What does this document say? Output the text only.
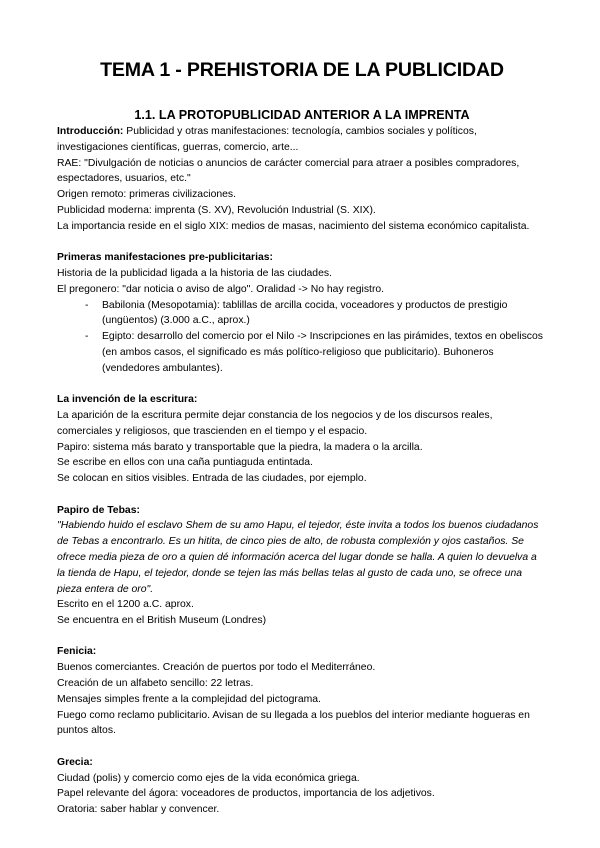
TEMA 1 - PREHISTORIA DE LA PUBLICIDAD
1.1. LA PROTOPUBLICIDAD ANTERIOR A LA IMPRENTA

Introducción: Publicidad y otras manifestaciones: tecnología, cambios sociales y políticos, investigaciones científicas, guerras, comercio, arte...

RAE: "Divulgación de noticias o anuncios de carácter comercial para atraer a posibles compradores, espectadores, usuarios, etc."

Origen remoto: primeras civilizaciones.

Publicidad moderna: imprenta (S. XV), Revolución Industrial (S. XIX).

La importancia reside en el siglo XIX: medios de masas, nacimiento del sistema económico capitalista.

Primeras manifestaciones pre-publicitarias:

Historia de la publicidad ligada a la historia de las ciudades.

El pregonero: "dar noticia o aviso de algo". Oralidad -> No hay registro.

- Babilonia (Mesopotamia): tablillas de arcilla cocida, voceadores y productos de prestigio (ungüentos) (3.000 a.C., aprox.)
- Egipto: desarrollo del comercio por el Nilo -> Inscripciones en las pirámides, textos en obeliscos (en ambos casos, el significado es más político-religioso que publicitario). Buhoneros (vendedores ambulantes).

La invención de la escritura:

La aparición de la escritura permite dejar constancia de los negocios y de los discursos reales, comerciales y religiosos, que trascienden en el tiempo y el espacio.

Papiro: sistema más barato y transportable que la piedra, la madera o la arcilla.

Se escribe en ellos con una caña puntiaguda entintada.

Se colocan en sitios visibles. Entrada de las ciudades, por ejemplo.

Papiro de Tebas:

"Habiendo huido el esclavo Shem de su amo Hapu, el tejedor, éste invita a todos los buenos ciudadanos de Tebas a encontrarlo. Es un hitita, de cinco pies de alto, de robusta complexión y ojos castaños. Se ofrece media pieza de oro a quien dé información acerca del lugar donde se halla. A quien lo devuelva a la tienda de Hapu, el tejedor, donde se tejen las más bellas telas al gusto de cada uno, se ofrece una pieza entera de oro".

Escrito en el 1200 a.C. aprox.

Se encuentra en el British Museum (Londres)

Fenicia:

Buenos comerciantes. Creación de puertos por todo el Mediterráneo.

Creación de un alfabeto sencillo: 22 letras.

Mensajes simples frente a la complejidad del pictograma.

Fuego como reclamo publicitario. Avisan de su llegada a los pueblos del interior mediante hogueras en puntos altos.

Grecia:

Ciudad (polis) y comercio como ejes de la vida económica griega.

Papel relevante del ágora: voceadores de productos, importancia de los adjetivos.

Oratoria: saber hablar y convencer.
